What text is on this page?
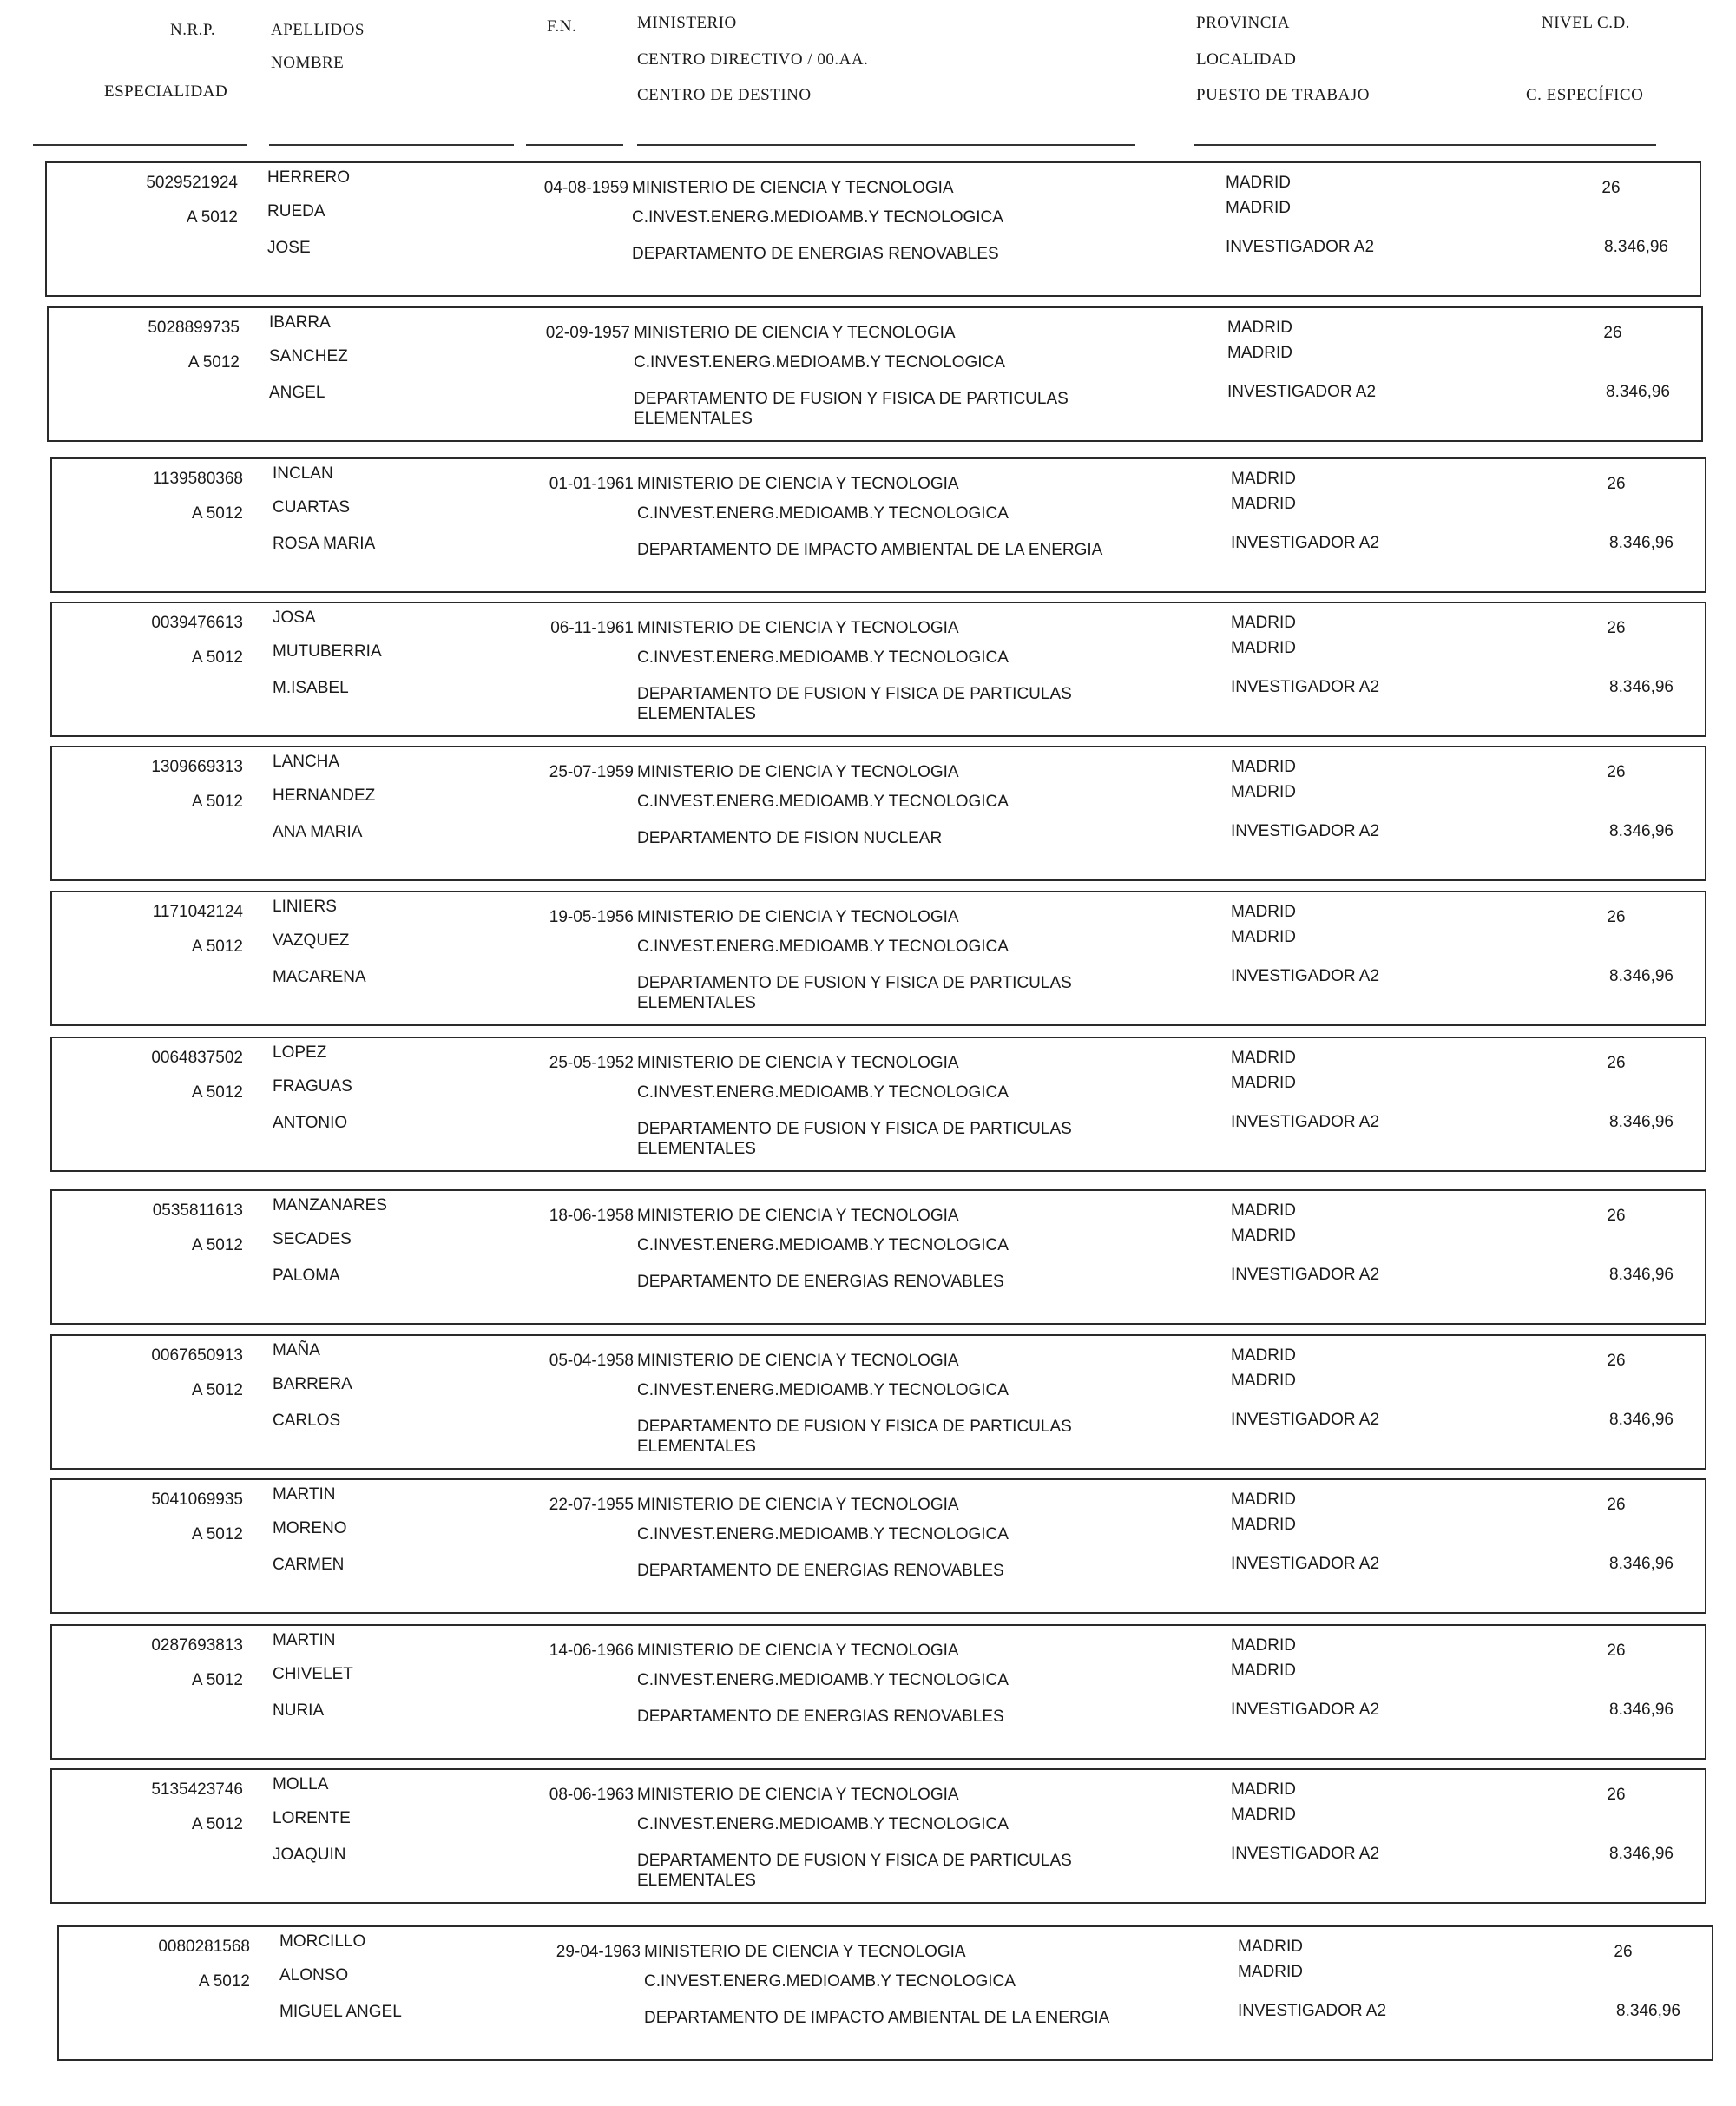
N.R.P.	APELLIDOS
NOMBRE
ESPECIALIDAD
F.N.	MINISTERIO
CENTRO DIRECTIVO / 00.AA.
CENTRO DE DESTINO
PROVINCIA
LOCALIDAD
PUESTO DE TRABAJO
NIVEL C.D.
C. ESPECÍFICO
5029521924
A 5012
HERRERO
RUEDA
JOSE
04-08-1959 MINISTERIO DE CIENCIA Y TECNOLOGIA
C.INVEST.ENERG.MEDIOAMB.Y TECNOLOGICA
DEPARTAMENTO DE ENERGIAS RENOVABLES
MADRID
MADRID
INVESTIGADOR A2
26
8.346,96
5028899735
A 5012
IBARRA
SANCHEZ
ANGEL
02-09-1957 MINISTERIO DE CIENCIA Y TECNOLOGIA
C.INVEST.ENERG.MEDIOAMB.Y TECNOLOGICA
DEPARTAMENTO DE FUSION Y FISICA DE PARTICULAS
ELEMENTALES
MADRID
MADRID
INVESTIGADOR A2
26
8.346,96
1139580368
A 5012
INCLAN
CUARTAS
ROSA MARIA
01-01-1961 MINISTERIO DE CIENCIA Y TECNOLOGIA
C.INVEST.ENERG.MEDIOAMB.Y TECNOLOGICA
DEPARTAMENTO DE IMPACTO AMBIENTAL DE LA ENERGIA
MADRID
MADRID
INVESTIGADOR A2
26
8.346,96
0039476613
A 5012
JOSA
MUTUBERRIA
M.ISABEL
06-11-1961 MINISTERIO DE CIENCIA Y TECNOLOGIA
C.INVEST.ENERG.MEDIOAMB.Y TECNOLOGICA
DEPARTAMENTO DE FUSION Y FISICA DE PARTICULAS
ELEMENTALES
MADRID
MADRID
INVESTIGADOR A2
26
8.346,96
1309669313
A 5012
LANCHA
HERNANDEZ
ANA MARIA
25-07-1959 MINISTERIO DE CIENCIA Y TECNOLOGIA
C.INVEST.ENERG.MEDIOAMB.Y TECNOLOGICA
DEPARTAMENTO DE FISION NUCLEAR
MADRID
MADRID
INVESTIGADOR A2
26
8.346,96
1171042124
A 5012
LINIERS
VAZQUEZ
MACARENA
19-05-1956 MINISTERIO DE CIENCIA Y TECNOLOGIA
C.INVEST.ENERG.MEDIOAMB.Y TECNOLOGICA
DEPARTAMENTO DE FUSION Y FISICA DE PARTICULAS
ELEMENTALES
MADRID
MADRID
INVESTIGADOR A2
26
8.346,96
0064837502
A 5012
LOPEZ
FRAGUAS
ANTONIO
25-05-1952 MINISTERIO DE CIENCIA Y TECNOLOGIA
C.INVEST.ENERG.MEDIOAMB.Y TECNOLOGICA
DEPARTAMENTO DE FUSION Y FISICA DE PARTICULAS
ELEMENTALES
MADRID
MADRID
INVESTIGADOR A2
26
8.346,96
0535811613
A 5012
MANZANARES
SECADES
PALOMA
18-06-1958 MINISTERIO DE CIENCIA Y TECNOLOGIA
C.INVEST.ENERG.MEDIOAMB.Y TECNOLOGICA
DEPARTAMENTO DE ENERGIAS RENOVABLES
MADRID
MADRID
INVESTIGADOR A2
26
8.346,96
0067650913
A 5012
MAÑA
BARRERA
CARLOS
05-04-1958 MINISTERIO DE CIENCIA Y TECNOLOGIA
C.INVEST.ENERG.MEDIOAMB.Y TECNOLOGICA
DEPARTAMENTO DE FUSION Y FISICA DE PARTICULAS
ELEMENTALES
MADRID
MADRID
INVESTIGADOR A2
26
8.346,96
5041069935
A 5012
MARTIN
MORENO
CARMEN
22-07-1955 MINISTERIO DE CIENCIA Y TECNOLOGIA
C.INVEST.ENERG.MEDIOAMB.Y TECNOLOGICA
DEPARTAMENTO DE ENERGIAS RENOVABLES
MADRID
MADRID
INVESTIGADOR A2
26
8.346,96
0287693813
A 5012
MARTIN
CHIVELET
NURIA
14-06-1966 MINISTERIO DE CIENCIA Y TECNOLOGIA
C.INVEST.ENERG.MEDIOAMB.Y TECNOLOGICA
DEPARTAMENTO DE ENERGIAS RENOVABLES
MADRID
MADRID
INVESTIGADOR A2
26
8.346,96
5135423746
A 5012
MOLLA
LORENTE
JOAQUIN
08-06-1963 MINISTERIO DE CIENCIA Y TECNOLOGIA
C.INVEST.ENERG.MEDIOAMB.Y TECNOLOGICA
DEPARTAMENTO DE FUSION Y FISICA DE PARTICULAS
ELEMENTALES
MADRID
MADRID
INVESTIGADOR A2
26
8.346,96
0080281568
A 5012
MORCILLO
ALONSO
MIGUEL ANGEL
29-04-1963 MINISTERIO DE CIENCIA Y TECNOLOGIA
C.INVEST.ENERG.MEDIOAMB.Y TECNOLOGICA
DEPARTAMENTO DE IMPACTO AMBIENTAL DE LA ENERGIA
MADRID
MADRID
INVESTIGADOR A2
26
8.346,96
